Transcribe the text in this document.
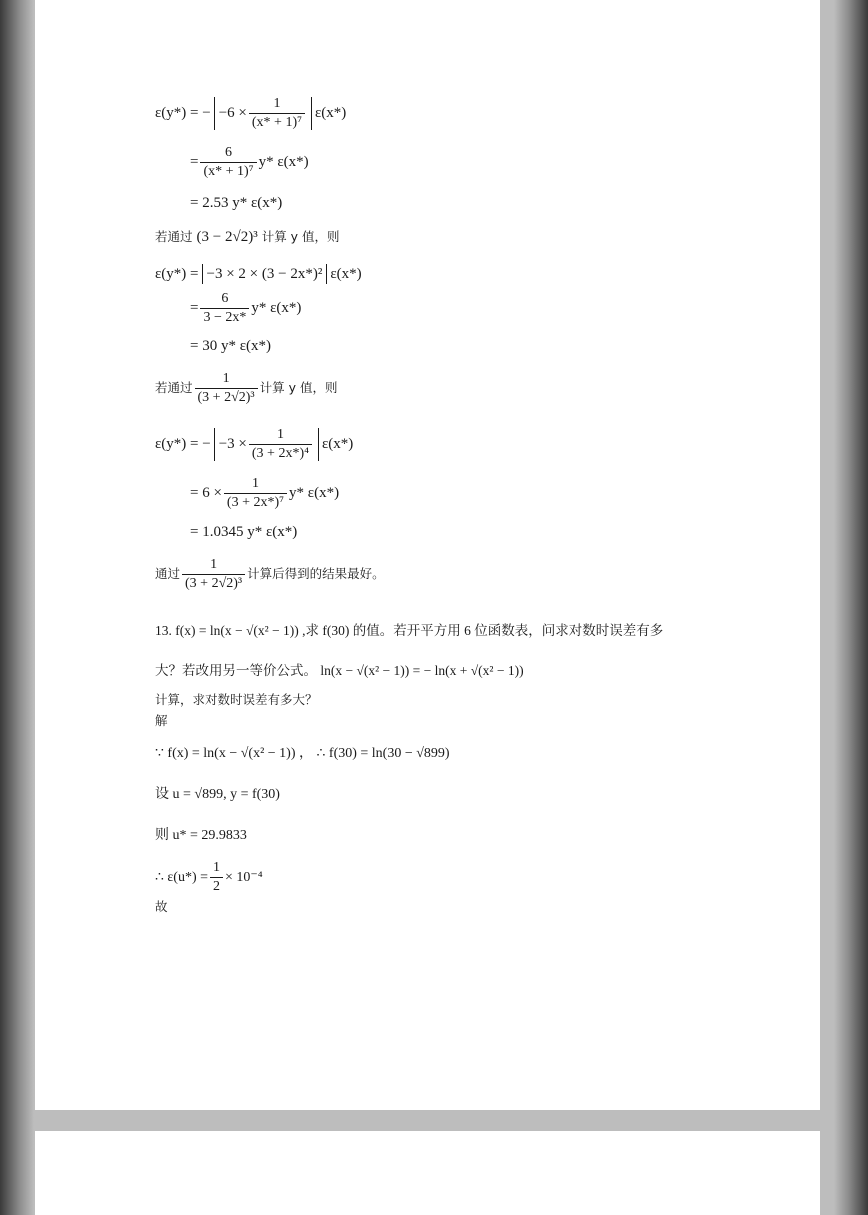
ε(y*) = − $-6 \times \frac{1}{\text{(x* + 1)⁷}} \varepsilon(x*)$
= $\frac{6}{\text{(x* + 1)⁷}} y*$ ε(x*)
= 2.53 y* ε(x*)
若通过 (3 − 2√2)³ 计算 y 值，则
ε(y*) = −3 × 2 × (3 − 2x*)² ε(x*)
= $\frac{6}{3 - 2x*} y*$ ε(x*)
= 30 y* ε(x*)
若通过 $\frac{1}{\text{(3 + 2√2)³}}$ 计算 y 值，则
ε(y*) = − $-3 \times \frac{1}{\text{(3 + 2x*)⁴}} \varepsilon(x*)$
= $6 \times \frac{1}{\text{(3 + 2x*)⁷}} y*$ ε(x*)
= 1.0345 y* ε(x*)
通过 $\frac{1}{\text{(3 + 2√2)³}}$ 计算后得到的结果最好。
13. f(x) = ln(x − √(x² − 1)) ,求 f(30) 的值。若开平方用 6 位函数表，问求对数时误差有多
大？若改用另一等价公式。 ln(x − √(x² − 1)) = − ln(x + √(x² − 1))
计算，求对数时误差有多大？
解
∵ f(x) = ln(x − √(x² − 1)) ， ∴ f(30) = ln(30 − √899)
设 u = √899, y = f(30)
则 u* = 29.9833
∴ $\varepsilon(u*) = \frac{1}{2} \times 10^{-4}$
故
